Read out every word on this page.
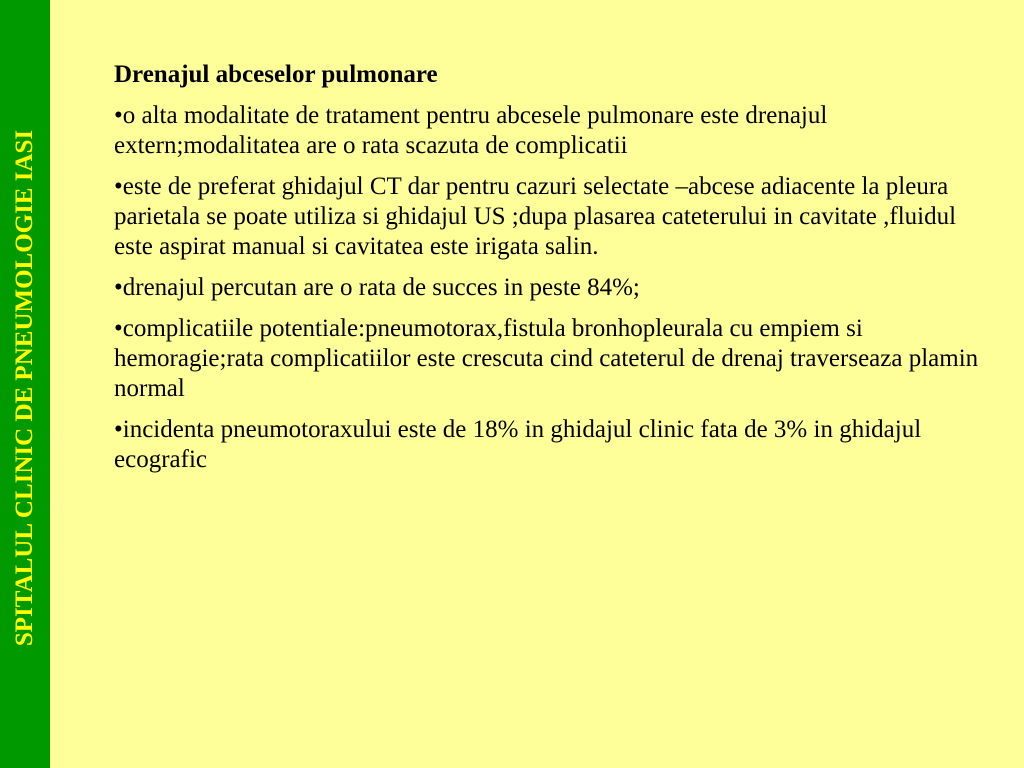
SPITALUL CLINIC DE PNEUMOLOGIE IASI
Drenajul abceselor pulmonare
•o alta modalitate de tratament pentru abcesele pulmonare este drenajul extern;modalitatea are o rata scazuta de complicatii
•este de preferat ghidajul CT dar pentru cazuri selectate –abcese adiacente la pleura parietala se poate utiliza si ghidajul US ;dupa plasarea cateterului in cavitate ,fluidul este aspirat manual si cavitatea este irigata salin.
•drenajul percutan are o rata de succes in peste 84%;
•complicatiile potentiale:pneumotorax,fistula bronhopleurala cu empiem si hemoragie;rata complicatiilor este crescuta cind cateterul de drenaj traverseaza plamin normal
•incidenta pneumotoraxului este de 18% in ghidajul clinic fata de 3% in ghidajul ecografic
